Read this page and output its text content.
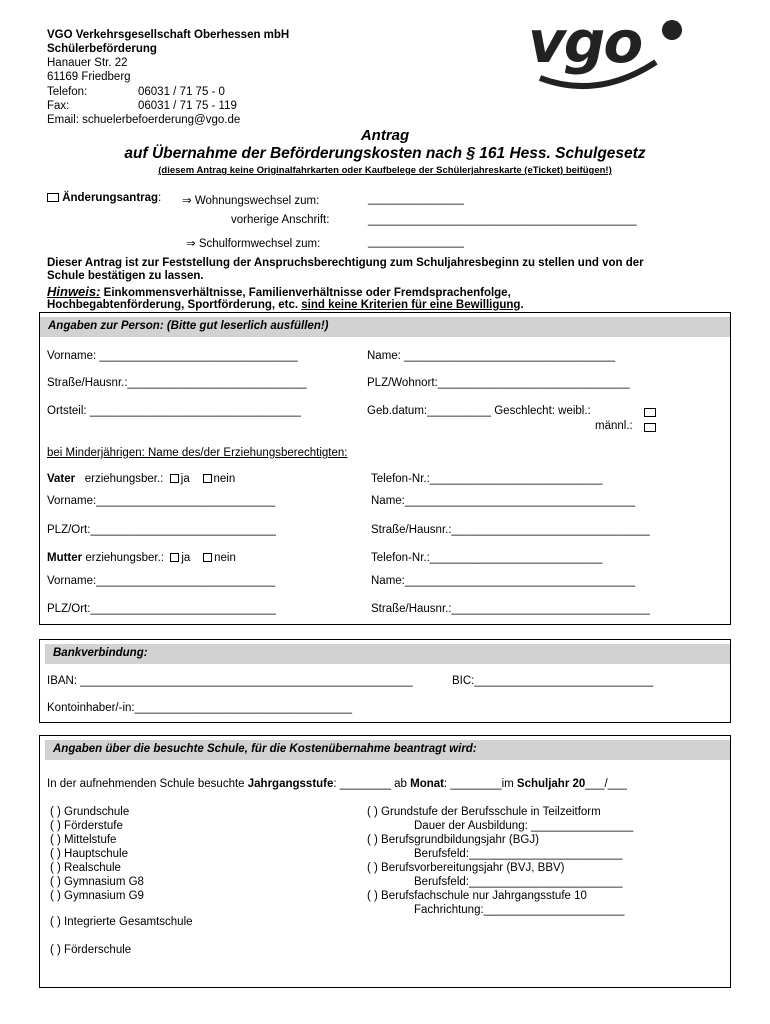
VGO Verkehrsgesellschaft Oberhessen mbH
Schülerbeförderung
Hanauer Str. 22
61169 Friedberg
Telefon:	06031 / 71 75 - 0
Fax:	06031 / 71 75 - 119
Email: schuelerbefoerderung@vgo.de
vgo
Antrag
auf Übernahme der Beförderungskosten nach § 161 Hess. Schulgesetz
(diesem Antrag keine Originalfahrkarten oder Kaufbelege der Schülerjahreskarte (eTicket) beifügen!)
Änderungsantrag: ⇒ Wohnungswechsel zum:	_______________
vorherige Anschrift:	__________________________________________
⇒ Schulformwechsel zum:	_______________
Dieser Antrag ist zur Feststellung der Anspruchsberechtigung zum Schuljahresbeginn zu stellen und von der
Schule bestätigen zu lassen.
Hinweis: Einkommensverhältnisse, Familienverhältnisse oder Fremdsprachenfolge,
Hochbegabtenförderung, Sportförderung, etc. sind keine Kriterien für eine Bewilligung.
Angaben zur Person: (Bitte gut leserlich ausfüllen!)
Vorname: _______________________________	Name: _________________________________
Straße/Hausnr.:____________________________	PLZ/Wohnort:______________________________
Ortsteil: _________________________________	Geb.datum:__________ Geschlecht: weibl.:
männl.:
bei Minderjährigen: Name des/der Erziehungsberechtigten:
Vater erziehungsber.: ja nein	Telefon-Nr.:___________________________
Vorname:____________________________	Name:____________________________________
PLZ/Ort:_____________________________	Straße/Hausnr.:_______________________________
Mutter erziehungsber.: ja nein	Telefon-Nr.:___________________________
Vorname:____________________________	Name:____________________________________
PLZ/Ort:_____________________________	Straße/Hausnr.:_______________________________
Bankverbindung:
IBAN: ____________________________________________________	BIC:____________________________
Kontoinhaber/-in:__________________________________
Angaben über die besuchte Schule, für die Kostenübernahme beantragt wird:
In der aufnehmenden Schule besuchte Jahrgangsstufe: ________ ab Monat: ________im Schuljahr 20___/___
( ) Grundschule
( ) Förderstufe
( ) Mittelstufe
( ) Hauptschule
( ) Realschule
( ) Gymnasium G8
( ) Gymnasium G9
( ) Integrierte Gesamtschule
( ) Förderschule
( ) Grundstufe der Berufsschule in Teilzeitform
Dauer der Ausbildung: ________________
( ) Berufsgrundbildungsjahr (BGJ)
Berufsfeld:________________________
( ) Berufsvorbereitungsjahr (BVJ, BBV)
Berufsfeld:________________________
( ) Berufsfachschule nur Jahrgangsstufe 10
Fachrichtung:______________________
